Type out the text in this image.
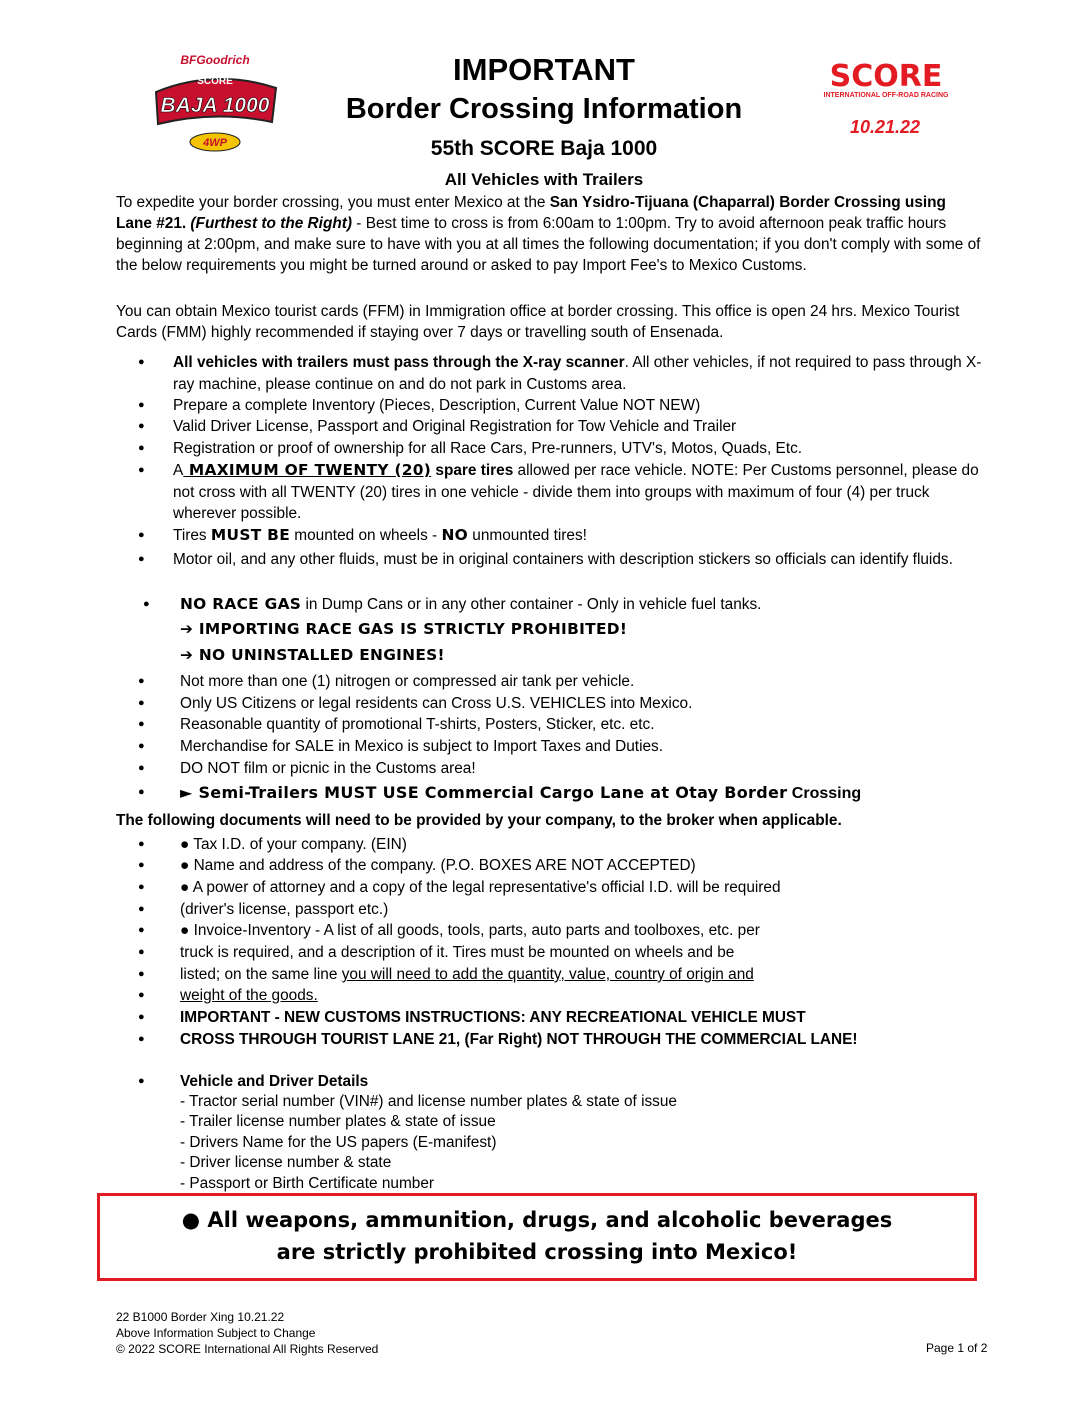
BFGoodrich
SCORE
BAJA 1000
4WP
SCORE
INTERNATIONAL OFF-ROAD RACING
10.21.22
IMPORTANT
Border Crossing Information
55th SCORE Baja 1000
All Vehicles with Trailers
To expedite your border crossing, you must enter Mexico at the San Ysidro-Tijuana (Chaparral) Border Crossing using Lane #21. (Furthest to the Right) - Best time to cross is from 6:00am to 1:00pm. Try to avoid afternoon peak traffic hours beginning at 2:00pm, and make sure to have with you at all times the following documentation; if you don't comply with some of the below requirements you might be turned around or asked to pay Import Fee's to Mexico Customs.
You can obtain Mexico tourist cards (FFM) in Immigration office at border crossing. This office is open 24 hrs. Mexico Tourist Cards (FMM) highly recommended if staying over 7 days or travelling south of Ensenada.
●	All vehicles with trailers must pass through the X-ray scanner. All other vehicles, if not required to pass through X-ray machine, please continue on and do not park in Customs area.
●	Prepare a complete Inventory (Pieces, Description, Current Value NOT NEW)
●	Valid Driver License, Passport and Original Registration for Tow Vehicle and Trailer
●	Registration or proof of ownership for all Race Cars, Pre-runners, UTV's, Motos, Quads, Etc.
●	A MAXIMUM OF TWENTY (20) spare tires allowed per race vehicle. NOTE: Per Customs personnel, please do not cross with all TWENTY (20) tires in one vehicle - divide them into groups with maximum of four (4) per truck wherever possible.
●	Tires MUST BE mounted on wheels - NO unmounted tires!
●	Motor oil, and any other fluids, must be in original containers with description stickers so officials can identify fluids.
●	NO RACE GAS in Dump Cans or in any other container - Only in vehicle fuel tanks.
➔ IMPORTING RACE GAS IS STRICTLY PROHIBITED!
➔ NO UNINSTALLED ENGINES!
●	Not more than one (1) nitrogen or compressed air tank per vehicle.
●	Only US Citizens or legal residents can Cross U.S. VEHICLES into Mexico.
●	Reasonable quantity of promotional T-shirts, Posters, Sticker, etc. etc.
●	Merchandise for SALE in Mexico is subject to Import Taxes and Duties.
●	DO NOT film or picnic in the Customs area!
●	► Semi-Trailers MUST USE Commercial Cargo Lane at Otay Border Crossing
The following documents will need to be provided by your company, to the broker when applicable.
●	● Tax I.D. of your company. (EIN)
●	● Name and address of the company. (P.O. BOXES ARE NOT ACCEPTED)
●	● A power of attorney and a copy of the legal representative's official I.D. will be required
●	(driver's license, passport etc.)
●	● Invoice-Inventory - A list of all goods, tools, parts, auto parts and toolboxes, etc. per
●	truck is required, and a description of it. Tires must be mounted on wheels and be
●	listed; on the same line you will need to add the quantity, value, country of origin and
●	weight of the goods.
●	IMPORTANT - NEW CUSTOMS INSTRUCTIONS: ANY RECREATIONAL VEHICLE MUST
●	CROSS THROUGH TOURIST LANE 21, (Far Right) NOT THROUGH THE COMMERCIAL LANE!
●	Vehicle and Driver Details
- Tractor serial number (VIN#) and license number plates & state of issue
- Trailer license number plates & state of issue
- Drivers Name for the US papers (E-manifest)
- Driver license number & state
- Passport or Birth Certificate number
● All weapons, ammunition, drugs, and alcoholic beverages
are strictly prohibited crossing into Mexico!
22 B1000 Border Xing 10.21.22
Above Information Subject to Change
© 2022 SCORE International All Rights Reserved	Page 1 of 2
